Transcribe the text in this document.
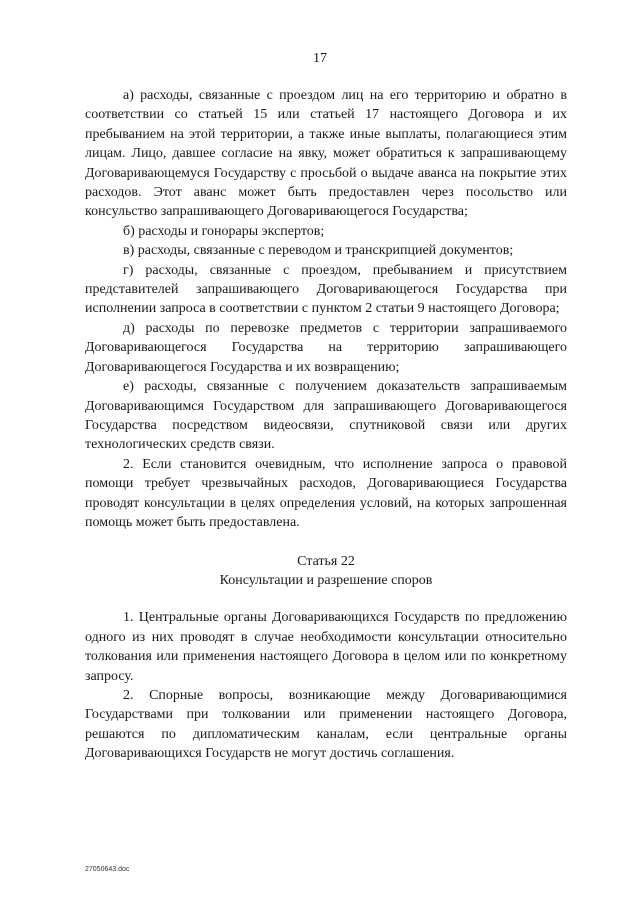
17

а) расходы, связанные с проездом лиц на его территорию и обратно в соответствии со статьей 15 или статьей 17 настоящего Договора и их пребыванием на этой территории, а также иные выплаты, полагающиеся этим лицам. Лицо, давшее согласие на явку, может обратиться к запрашивающему Договаривающемуся Государству с просьбой о выдаче аванса на покрытие этих расходов. Этот аванс может быть предоставлен через посольство или консульство запрашивающего Договаривающегося Государства;

б) расходы и гонорары экспертов;

в) расходы, связанные с переводом и транскрипцией документов;

г) расходы, связанные с проездом, пребыванием и присутствием представителей запрашивающего Договаривающегося Государства при исполнении запроса в соответствии с пунктом 2 статьи 9 настоящего Договора;

д) расходы по перевозке предметов с территории запрашиваемого Договаривающегося Государства на территорию запрашивающего Договаривающегося Государства и их возвращению;

е) расходы, связанные с получением доказательств запрашиваемым Договаривающимся Государством для запрашивающего Договаривающегося Государства посредством видеосвязи, спутниковой связи или других технологических средств связи.

2. Если становится очевидным, что исполнение запроса о правовой помощи требует чрезвычайных расходов, Договаривающиеся Государства проводят консультации в целях определения условий, на которых запрошенная помощь может быть предоставлена.

Статья 22
Консультации и разрешение споров

1. Центральные органы Договаривающихся Государств по предложению одного из них проводят в случае необходимости консультации относительно толкования или применения настоящего Договора в целом или по конкретному запросу.

2. Спорные вопросы, возникающие между Договаривающимися Государствами при толковании или применении настоящего Договора, решаются по дипломатическим каналам, если центральные органы Договаривающихся Государств не могут достичь соглашения.

27050643.doc
